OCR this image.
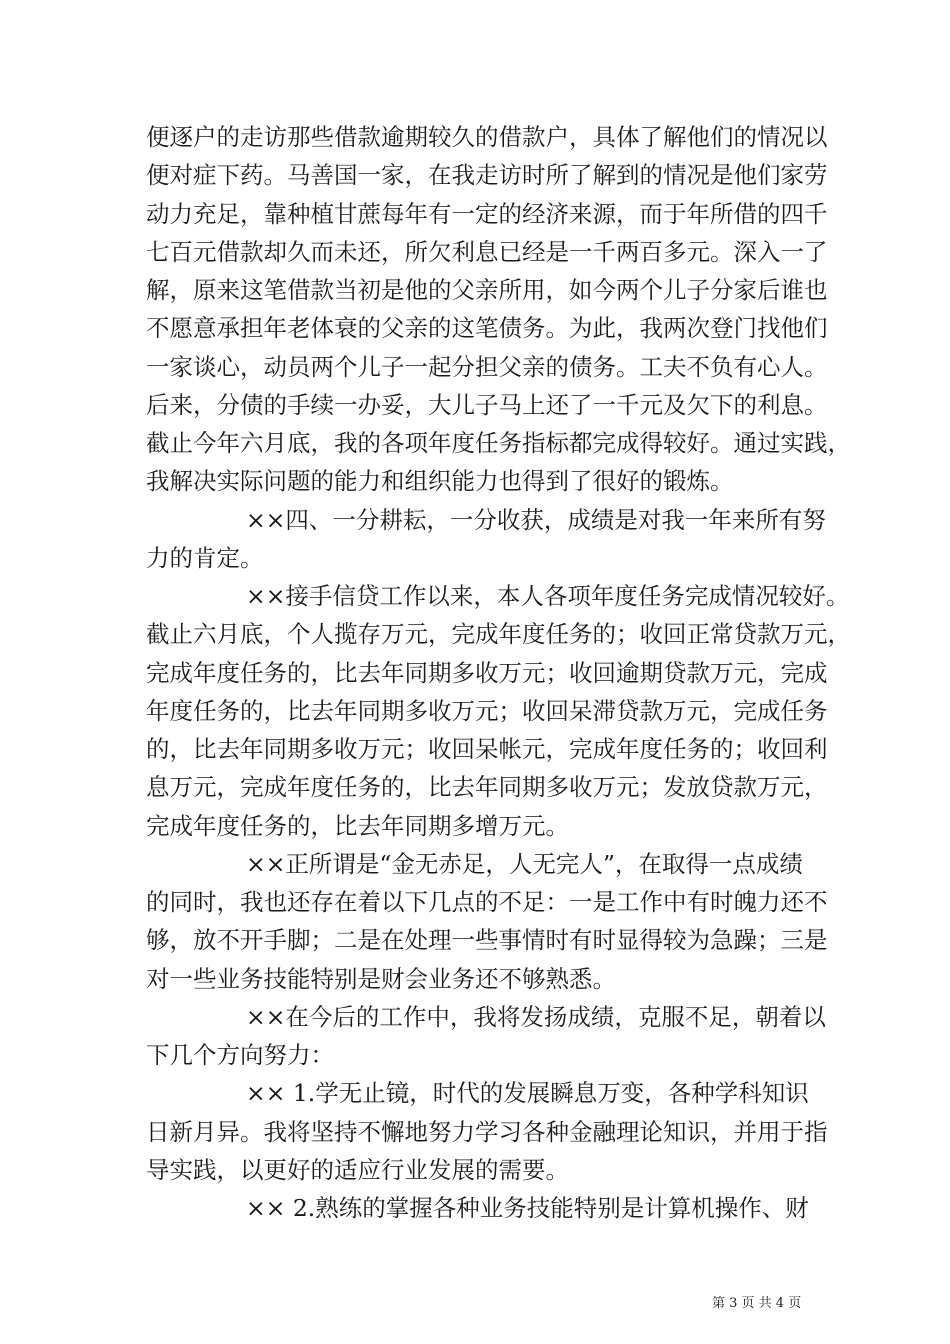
便逐户的走访那些借款逾期较久的借款户，具体了解他们的情况以
便对症下药。马善国一家，在我走访时所了解到的情况是他们家劳
动力充足，靠种植甘蔗每年有一定的经济来源，而于年所借的四千
七百元借款却久而未还，所欠利息已经是一千两百多元。深入一了
解，原来这笔借款当初是他的父亲所用，如今两个儿子分家后谁也
不愿意承担年老体衰的父亲的这笔债务。为此，我两次登门找他们
一家谈心，动员两个儿子一起分担父亲的债务。工夫不负有心人。
后来，分债的手续一办妥，大儿子马上还了一千元及欠下的利息。
截止今年六月底，我的各项年度任务指标都完成得较好。通过实践，
我解决实际问题的能力和组织能力也得到了很好的锻炼。
××四、一分耕耘，一分收获，成绩是对我一年来所有努
力的肯定。
××接手信贷工作以来，本人各项年度任务完成情况较好。
截止六月底，个人揽存万元，完成年度任务的；收回正常贷款万元，
完成年度任务的，比去年同期多收万元；收回逾期贷款万元，完成
年度任务的，比去年同期多收万元；收回呆滞贷款万元，完成任务
的，比去年同期多收万元；收回呆帐元，完成年度任务的；收回利
息万元，完成年度任务的，比去年同期多收万元；发放贷款万元，
完成年度任务的，比去年同期多增万元。
××正所谓是“金无赤足，人无完人”，在取得一点成绩
的同时，我也还存在着以下几点的不足：一是工作中有时魄力还不
够，放不开手脚；二是在处理一些事情时有时显得较为急躁；三是
对一些业务技能特别是财会业务还不够熟悉。
××在今后的工作中，我将发扬成绩，克服不足，朝着以
下几个方向努力：
×× 1.学无止镜，时代的发展瞬息万变，各种学科知识
日新月异。我将坚持不懈地努力学习各种金融理论知识，并用于指
导实践，以更好的适应行业发展的需要。
×× 2.熟练的掌握各种业务技能特别是计算机操作、财
第 3 页 共 4 页
